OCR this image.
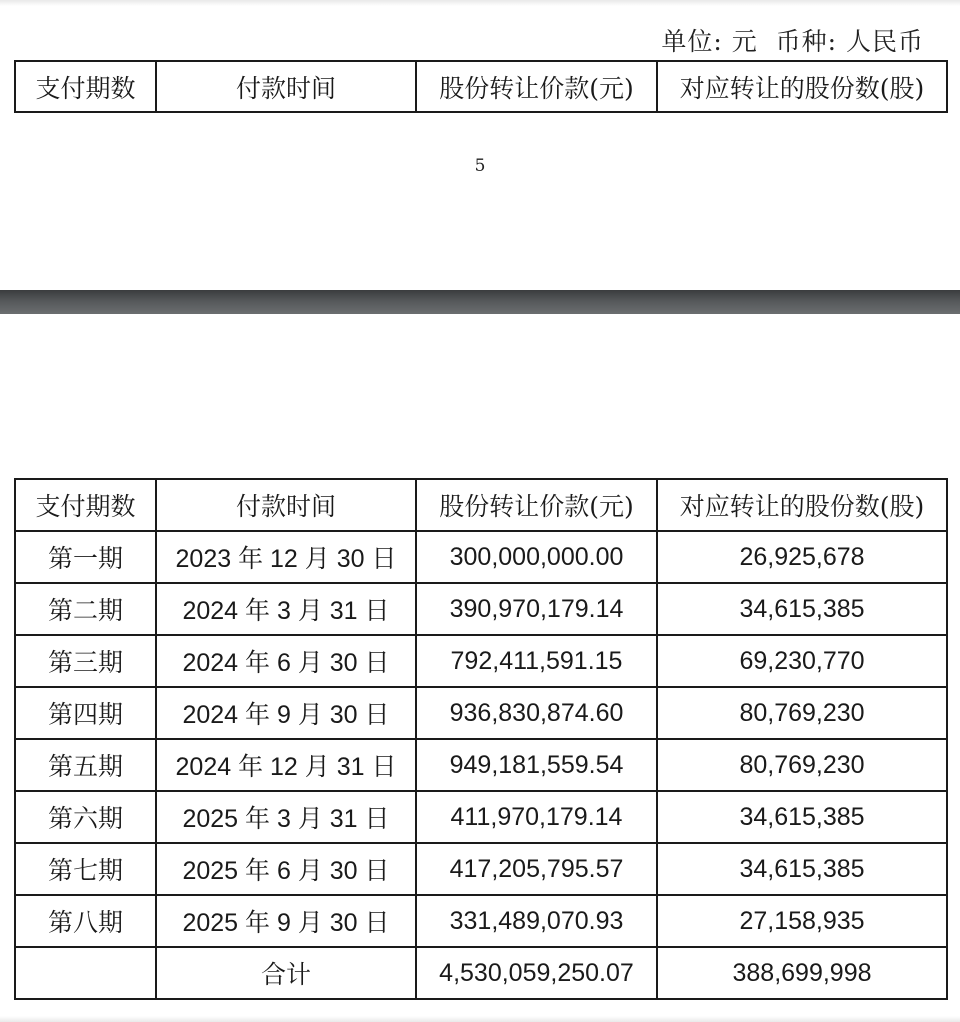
单位: 元  币种: 人民币
支付期数	付款时间	股份转让价款(元)	对应转让的股份数(股)
5
支付期数	付款时间	股份转让价款(元)	对应转让的股份数(股)
第一期	2023 年 12 月 30 日	300,000,000.00	26,925,678
第二期	2024 年 3 月 31 日	390,970,179.14	34,615,385
第三期	2024 年 6 月 30 日	792,411,591.15	69,230,770
第四期	2024 年 9 月 30 日	936,830,874.60	80,769,230
第五期	2024 年 12 月 31 日	949,181,559.54	80,769,230
第六期	2025 年 3 月 31 日	411,970,179.14	34,615,385
第七期	2025 年 6 月 30 日	417,205,795.57	34,615,385
第八期	2025 年 9 月 30 日	331,489,070.93	27,158,935
	合计	4,530,059,250.07	388,699,998
